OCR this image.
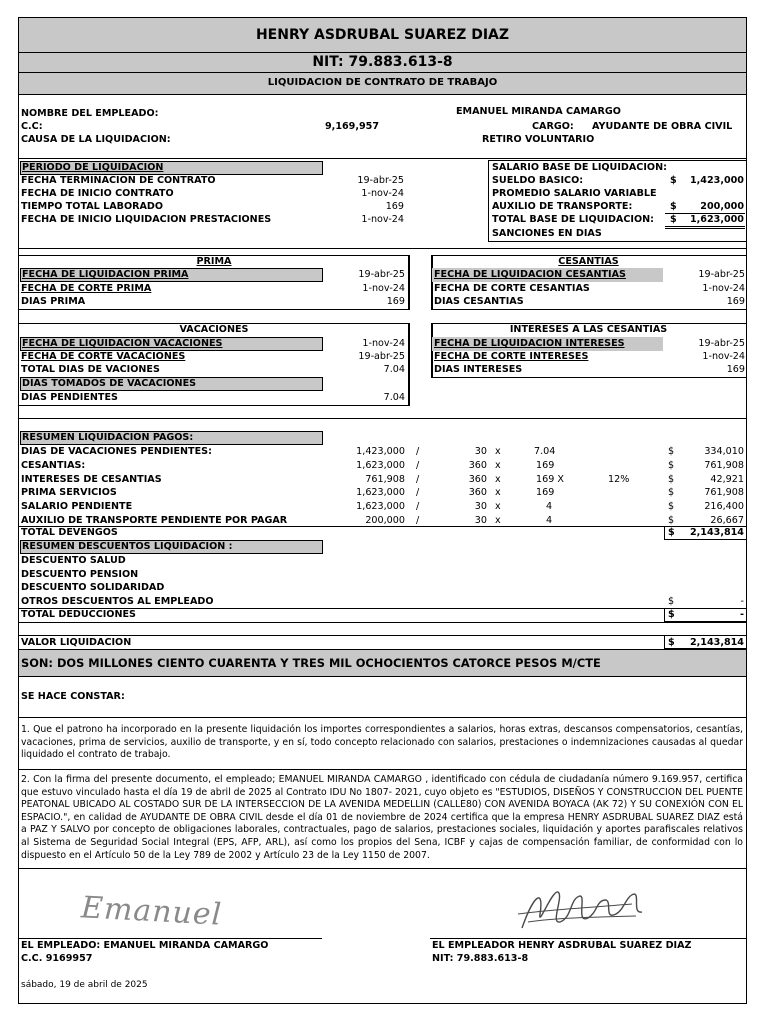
HENRY ASDRUBAL SUAREZ DIAZ
NIT: 79.883.613-8
LIQUIDACION DE CONTRATO DE TRABAJO
NOMBRE DEL EMPLEADO:	EMANUEL MIRANDA CAMARGO
C.C:	9,169,957	CARGO: AYUDANTE DE OBRA CIVIL
CAUSA DE LA LIQUIDACION:	RETIRO VOLUNTARIO
PERIODO DE LIQUIDACION
FECHA TERMINACION DE CONTRATO	19-abr-25
FECHA DE INICIO CONTRATO	1-nov-24
TIEMPO TOTAL LABORADO	169
FECHA DE INICIO LIQUIDACION PRESTACIONES	1-nov-24
SALARIO BASE DE LIQUIDACION:
SUELDO BASICO:	$	1,423,000
PROMEDIO SALARIO VARIABLE
AUXILIO DE TRANSPORTE:	$	200,000
TOTAL BASE DE LIQUIDACION: $	1,623,000
SANCIONES EN DIAS
PRIMA
FECHA DE LIQUIDACION PRIMA	19-abr-25
FECHA DE CORTE PRIMA	1-nov-24
DIAS PRIMA	169
CESANTIAS
FECHA DE LIQUIDACION CESANTIAS	19-abr-25
FECHA DE CORTE CESANTIAS	1-nov-24
DIAS CESANTIAS	169
VACACIONES
FECHA DE LIQUIDACION VACACIONES	1-nov-24
FECHA DE CORTE VACACIONES	19-abr-25
TOTAL DIAS DE VACIONES	7.04
DIAS TOMADOS DE VACACIONES
DIAS PENDIENTES	7.04
INTERESES A LAS CESANTIAS
FECHA DE LIQUIDACION INTERESES	19-abr-25
FECHA DE CORTE INTERESES	1-nov-24
DIAS INTERESES	169
RESUMEN LIQUIDACION PAGOS:
DIAS DE VACACIONES PENDIENTES:	1,423,000 /	30 x	7.04	$	334,010
CESANTIAS:	1,623,000 /	360 x	169	$	761,908
INTERESES DE CESANTIAS	761,908 /	360 x	169 X	12%	$	42,921
PRIMA SERVICIOS	1,623,000 /	360 x	169	$	761,908
SALARIO PENDIENTE	1,623,000 /	30 x	4	$	216,400
AUXILIO DE TRANSPORTE PENDIENTE POR PAGAR	200,000 /	30 x	4	$	26,667
TOTAL DEVENGOS	$	2,143,814
RESUMEN DESCUENTOS LIQUIDACION :
DESCUENTO SALUD
DESCUENTO PENSION
DESCUENTO SOLIDARIDAD
OTROS DESCUENTOS AL EMPLEADO	$	-
TOTAL DEDUCCIONES	$	-
VALOR LIQUIDACION	$	2,143,814
SON: DOS MILLONES CIENTO CUARENTA Y TRES MIL OCHOCIENTOS CATORCE PESOS M/CTE
SE HACE CONSTAR:
1. Que el patrono ha incorporado en la presente liquidación los importes correspondientes a salarios, horas extras, descansos compensatorios, cesantías, vacaciones, prima de servicios, auxilio de transporte, y en sí, todo concepto relacionado con salarios, prestaciones o indemnizaciones causadas al quedar liquidado el contrato de trabajo.
2. Con la firma del presente documento, el empleado; EMANUEL MIRANDA CAMARGO , identificado con cédula de ciudadanía número 9.169.957, certifica que estuvo vinculado hasta el día 19 de abril de 2025 al Contrato IDU No 1807- 2021, cuyo objeto es "ESTUDIOS, DISEÑOS Y CONSTRUCCION DEL PUENTE PEATONAL UBICADO AL COSTADO SUR DE LA INTERSECCION DE LA AVENIDA MEDELLIN (CALLE80) CON AVENIDA BOYACA (AK 72) Y SU CONEXIÓN CON EL ESPACIO.", en calidad de AYUDANTE DE OBRA CIVIL desde el día 01 de noviembre de 2024 certifica que la empresa HENRY ASDRUBAL SUAREZ DIAZ está a PAZ Y SALVO por concepto de obligaciones laborales, contractuales, pago de salarios, prestaciones sociales, liquidación y aportes parafiscales relativos al Sistema de Seguridad Social Integral (EPS, AFP, ARL), así como los propios del Sena, ICBF y cajas de compensación familiar, de conformidad con lo dispuesto en el Artículo 50 de la Ley 789 de 2002 y Artículo 23 de la Ley 1150 de 2007.
Emanuel
EL EMPLEADO: EMANUEL MIRANDA CAMARGO
C.C. 9169957
EL EMPLEADOR HENRY ASDRUBAL SUAREZ DIAZ
NIT: 79.883.613-8
sábado, 19 de abril de 2025
